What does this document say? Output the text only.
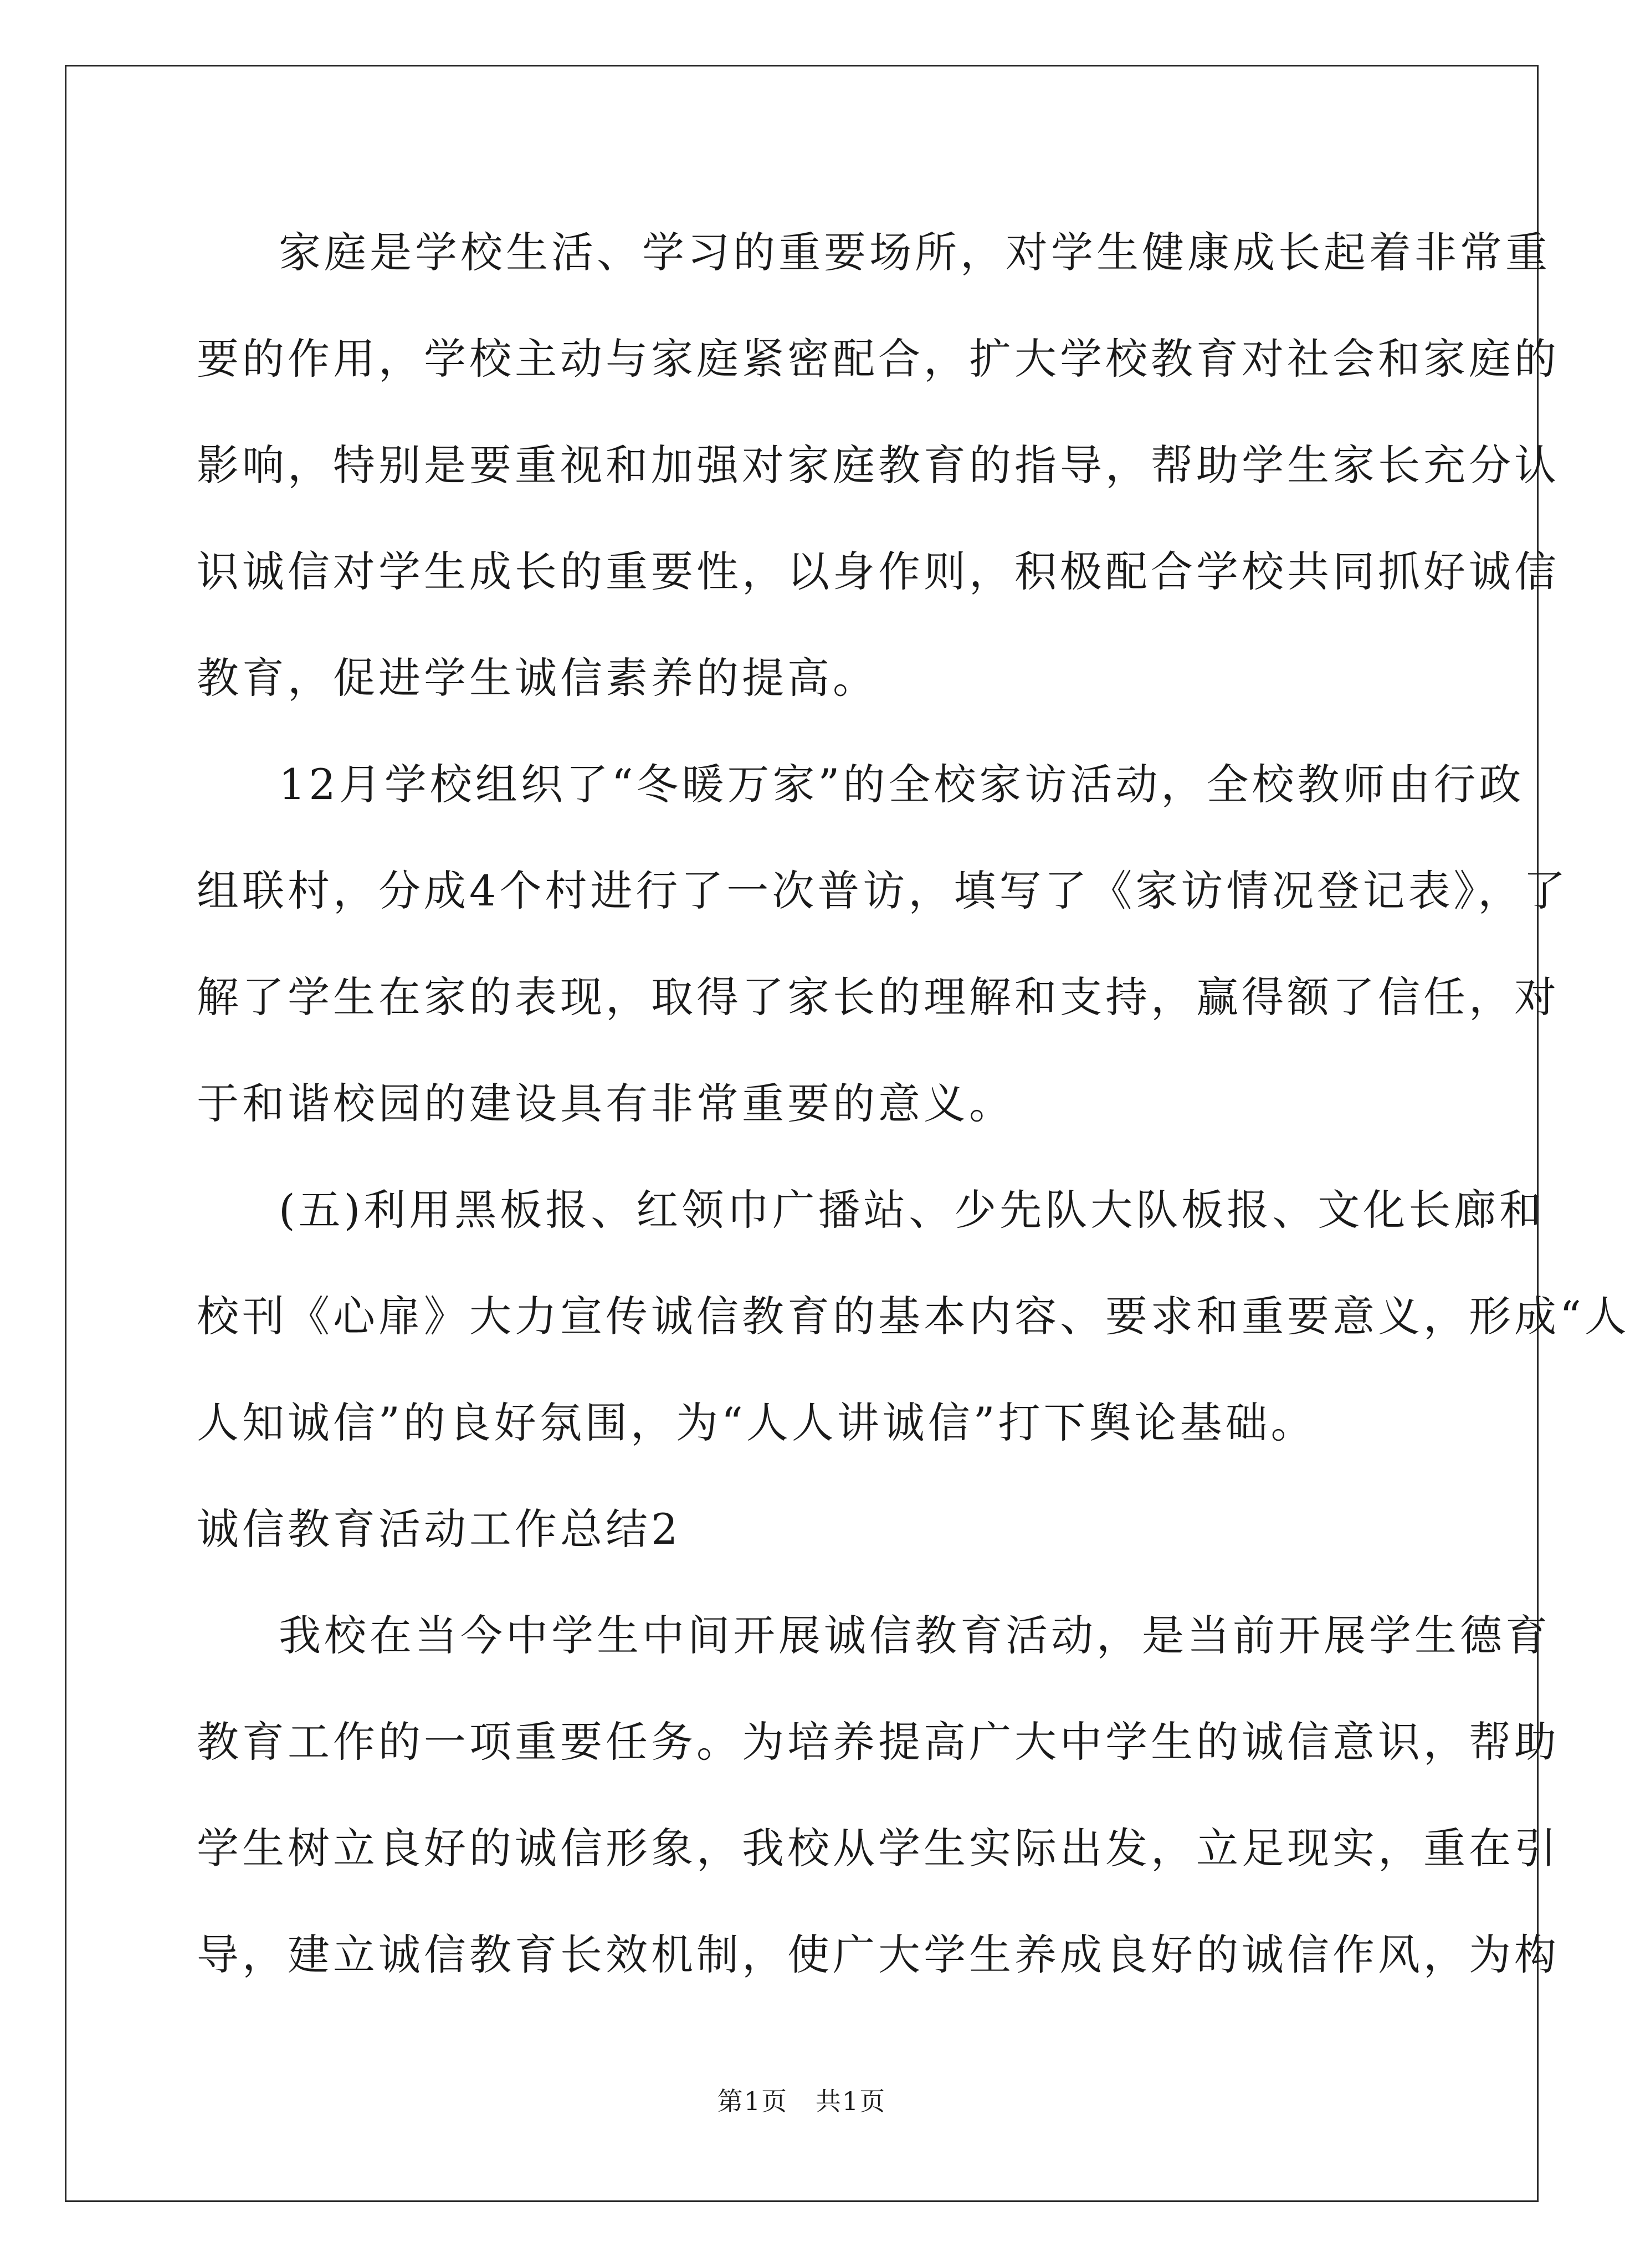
家庭是学校生活、学习的重要场所，对学生健康成长起着非常重
要的作用，学校主动与家庭紧密配合，扩大学校教育对社会和家庭的
影响，特别是要重视和加强对家庭教育的指导，帮助学生家长充分认
识诚信对学生成长的重要性，以身作则，积极配合学校共同抓好诚信
教育，促进学生诚信素养的提高。
12月学校组织了“冬暖万家”的全校家访活动，全校教师由行政
组联村，分成4个村进行了一次普访，填写了《家访情况登记表》，了
解了学生在家的表现，取得了家长的理解和支持，赢得额了信任，对
于和谐校园的建设具有非常重要的意义。
(五)利用黑板报、红领巾广播站、少先队大队板报、文化长廊和
校刊《心扉》大力宣传诚信教育的基本内容、要求和重要意义，形成“人
人知诚信”的良好氛围，为“人人讲诚信”打下舆论基础。
诚信教育活动工作总结2
我校在当今中学生中间开展诚信教育活动，是当前开展学生德育
教育工作的一项重要任务。为培养提高广大中学生的诚信意识，帮助
学生树立良好的诚信形象，我校从学生实际出发，立足现实，重在引
导，建立诚信教育长效机制，使广大学生养成良好的诚信作风，为构
第1页   共1页
